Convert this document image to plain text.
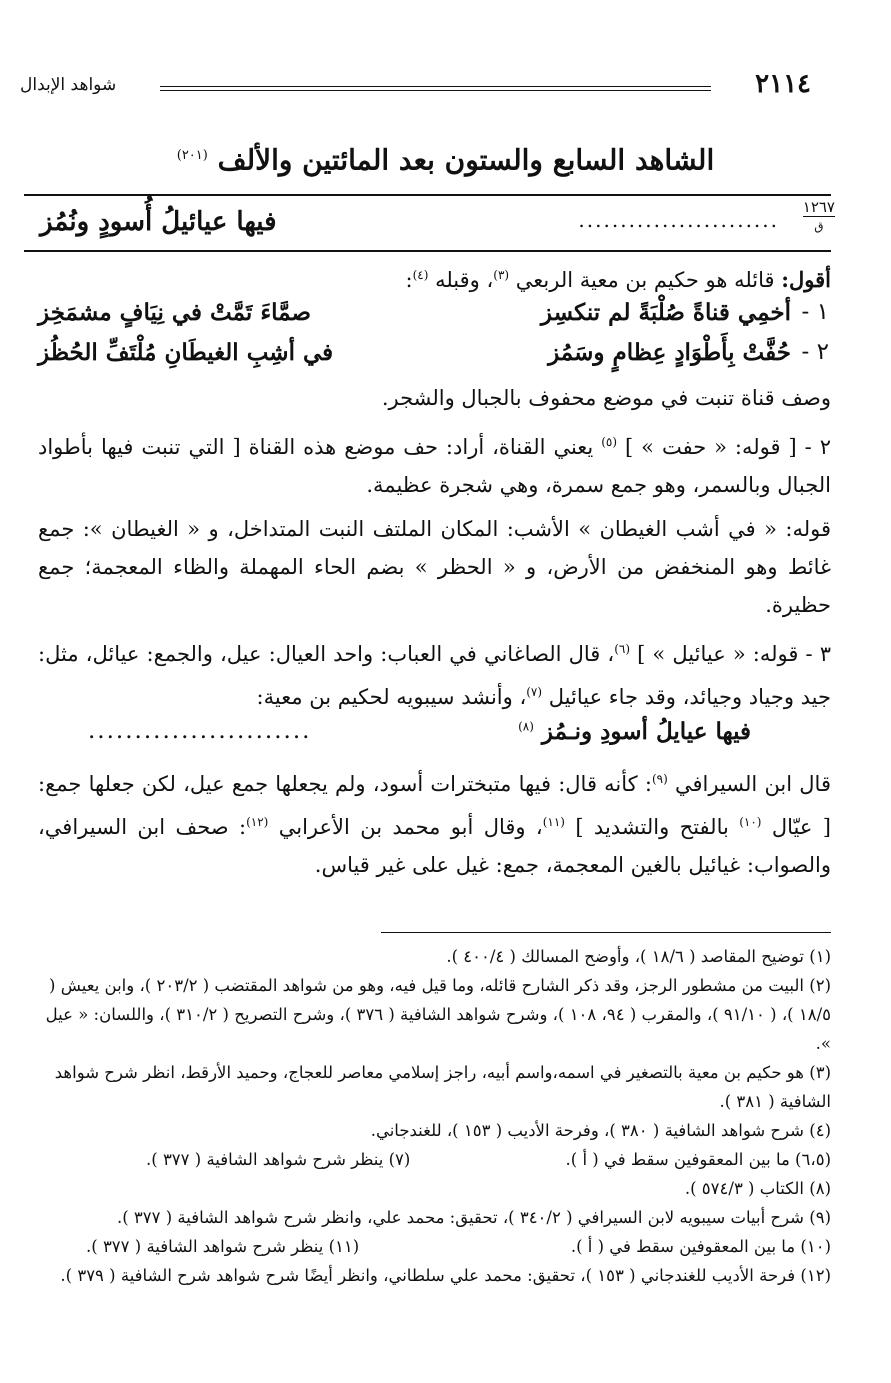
٢١١٤
شواهد الإبدال
الشاهد السابع والستون بعد المائتين والألف $^{(٢٠١)}$
١٢٦٧
ق
........................
فيها عيائيلُ أُسودٍ ونُمُز

أقول: قائله هو حكيم بن معية الربعي $^{(٣)}$، وقبله $^{(٤)}$:

١ -
أخمِي قناةً صُلْبَةً لم تنكسِز
صمَّاءَ تَمَّتْ في نِيَافٍ مشمَخِز
٢ -
حُفَّتْ بِأَطْوَادٍ عِظامٍ وسَمُز
في أشِبِ الغيطَانِ مُلْتَفِّ الحُظُز

وصف قناة تنبت في موضع محفوف بالجبال والشجر.

٢ - [ قوله: « حفت » ] $^{(٥)}$ يعني القناة، أراد: حف موضع هذه القناة [ التي تنبت فيها بأطواد الجبال وبالسمر، وهو جمع سمرة، وهي شجرة عظيمة.

قوله: « في أشب الغيطان » الأشب: المكان الملتف النبت المتداخل، و « الغيطان »: جمع غائط وهو المنخفض من الأرض، و « الحظر » بضم الحاء المهملة والظاء المعجمة؛ جمع حظيرة.

٣ - قوله: « عيائيل » ] $^{(٦)}$، قال الصاغاني في العباب: واحد العيال: عيل، والجمع: عيائل، مثل: جيد وجياد وجيائد، وقد جاء عيائيل $^{(٧)}$، وأنشد سيبويه لحكيم بن معية:

فيها عيايلُ أسودِ ونـمُز $^{(٨)}$
........................

قال ابن السيرافي $^{(٩)}$: كأنه قال: فيها متبخترات أسود، ولم يجعلها جمع عيل، لكن جعلها جمع: [ عيّال $^{(١٠)}$ بالفتح والتشديد ] $^{(١١)}$، وقال أبو محمد بن الأعرابي $^{(١٢)}$: صحف ابن السيرافي، والصواب: غيائيل بالغين المعجمة، جمع: غيل على غير قياس.

(١) توضيح المقاصد ( ١٨/٦ )، وأوضح المسالك ( ٤٠٠/٤ ).

(٢) البيت من مشطور الرجز، وقد ذكر الشارح قائله، وما قيل فيه، وهو من شواهد المقتضب ( ٢٠٣/٢ )، وابن يعيش ( ١٨/٥ )، ( ٩١/١٠ )، والمقرب ( ٩٤، ١٠٨ )، وشرح شواهد الشافية ( ٣٧٦ )، وشرح التصريح ( ٣١٠/٢ )، واللسان: « عيل ».

(٣) هو حكيم بن معية بالتصغير في اسمه،واسم أبيه، راجز إسلامي معاصر للعجاج، وحميد الأرقط، انظر شرح شواهد الشافية ( ٣٨١ ).

(٤) شرح شواهد الشافية ( ٣٨٠ )، وفرحة الأديب ( ١٥٣ )، للغندجاني.

(٦،٥) ما بين المعقوفين سقط في ( أ ).
(٧) ينظر شرح شواهد الشافية ( ٣٧٧ ).

(٨) الكتاب ( ٥٧٤/٣ ).

(٩) شرح أبيات سيبويه لابن السيرافي ( ٣٤٠/٢ )، تحقيق: محمد علي، وانظر شرح شواهد الشافية ( ٣٧٧ ).

(١٠) ما بين المعقوفين سقط في ( أ ).
(١١) ينظر شرح شواهد الشافية ( ٣٧٧ ).

(١٢) فرحة الأديب للغندجاني ( ١٥٣ )، تحقيق: محمد علي سلطاني، وانظر أيضًا شرح شواهد شرح الشافية ( ٣٧٩ ).
